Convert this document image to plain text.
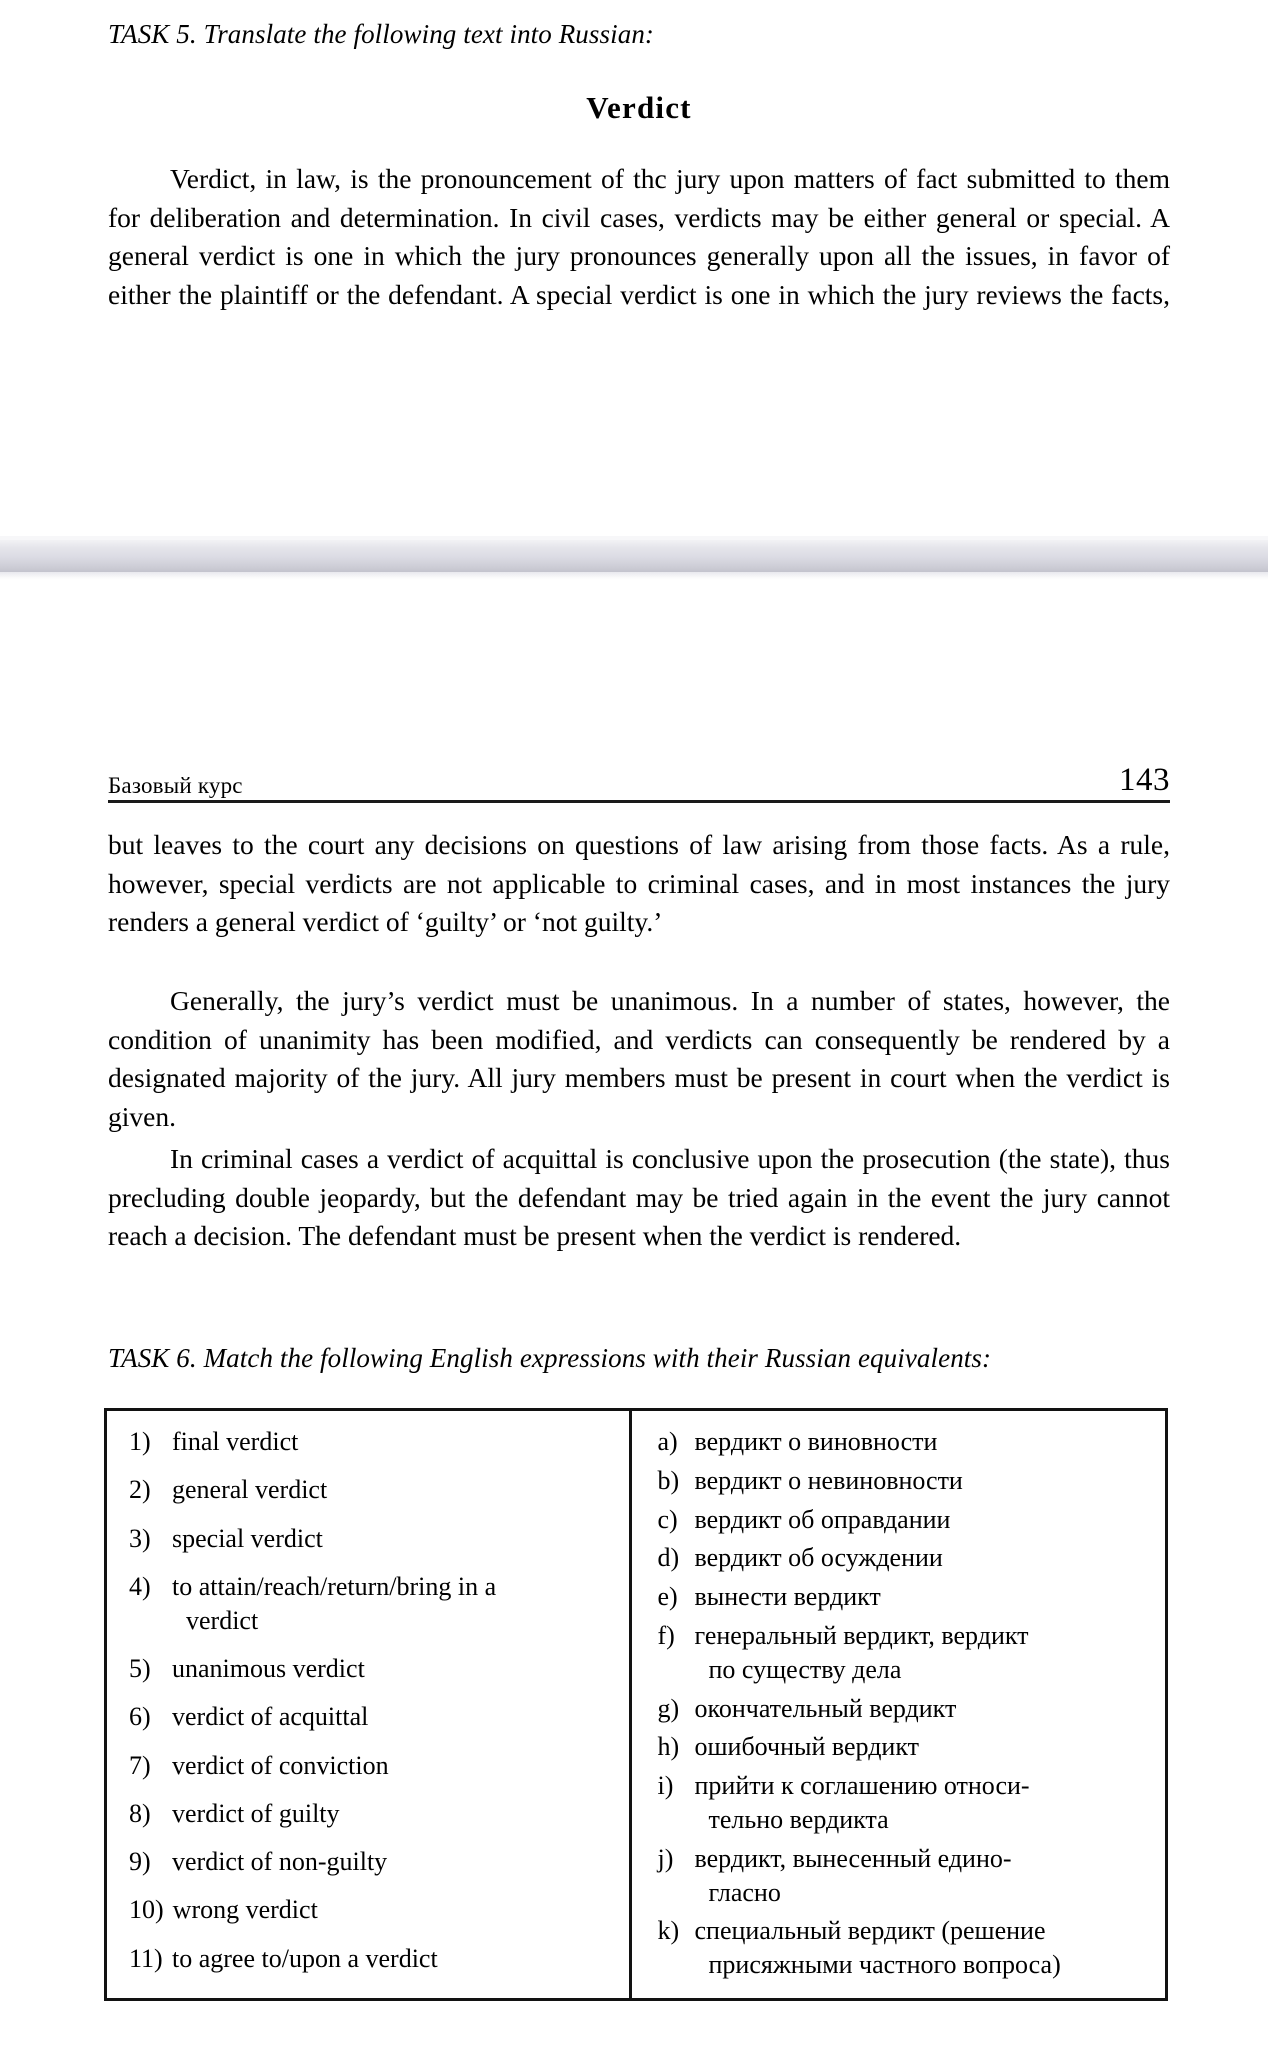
TASK 5. Translate the following text into Russian:
Verdict

Verdict, in law, is the pronouncement of thc jury upon matters of fact submitted to them for deliberation and determination. In civil cases, verdicts may be either general or special. A general verdict is one in which the jury pronounces generally upon all the issues, in favor of either the plaintiff or the defendant. A special verdict is one in which the jury reviews the facts,

Базовый курс	143

but leaves to the court any decisions on questions of law arising from those facts. As a rule, however, special verdicts are not applicable to criminal cases, and in most instances the jury renders a general verdict of ‘guilty’ or ‘not guilty.’

Generally, the jury’s verdict must be unanimous. In a number of states, however, the condition of unanimity has been modified, and verdicts can consequently be rendered by a designated majority of the jury. All jury members must be present in court when the verdict is given.

In criminal cases a verdict of acquittal is conclusive upon the prosecution (the state), thus precluding double jeopardy, but the defendant may be tried again in the event the jury cannot reach a decision. The defendant must be present when the verdict is rendered.

TASK 6. Match the following English expressions with their Russian equivalents:
1) final verdict
2) general verdict
3) special verdict
4) to attain/reach/return/bring in a
verdict
5) unanimous verdict
6) verdict of acquittal
7) verdict of conviction
8) verdict of guilty
9) verdict of non-guilty
10) wrong verdict
11) to agree to/upon a verdict
a) вердикт о виновности
b) вердикт о невиновности
c) вердикт об оправдании
d) вердикт об осуждении
e) вынести вердикт
f) генеральный вердикт, вердикт
по существу дела
g) окончательный вердикт
h) ошибочный вердикт
i) прийти к соглашению относи-
тельно вердикта
j) вердикт, вынесенный едино-
гласно
k) специальный вердикт (решение
присяжными частного вопроса)
